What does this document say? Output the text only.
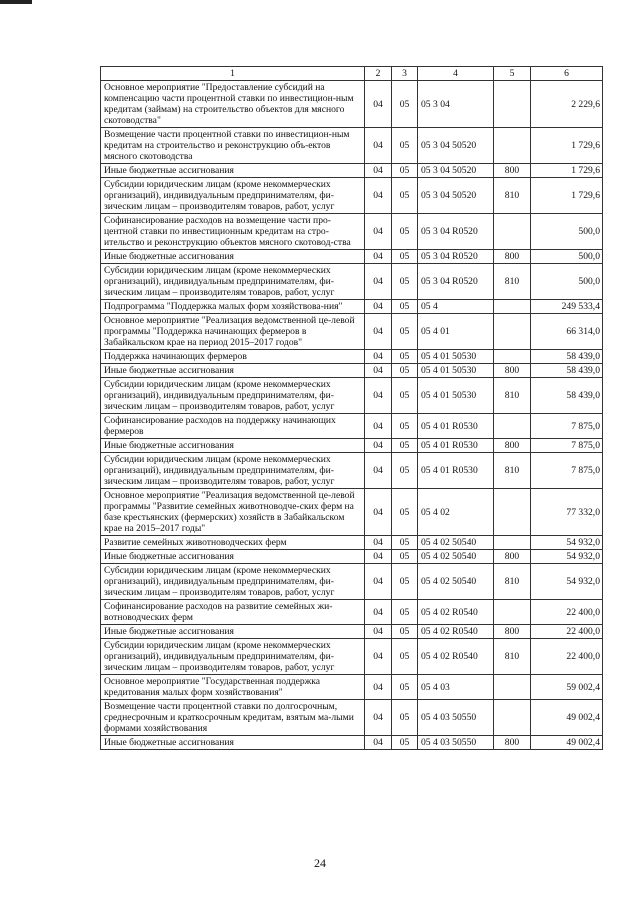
1	2	3	4	5	6
Основное мероприятие "Предоставление субсидий на компенсацию части процентной ставки по инвестицион-ным кредитам (займам) на строительство объектов для мясного скотоводства"	04	05	05 3 04		2 229,6
Возмещение части процентной ставки по инвестицион-ным кредитам на строительство и реконструкцию объ-ектов мясного скотоводства	04	05	05 3 04 50520		1 729,6
Иные бюджетные ассигнования	04	05	05 3 04 50520	800	1 729,6
Субсидии юридическим лицам (кроме некоммерческих организаций), индивидуальным предпринимателям, фи-зическим лицам – производителям товаров, работ, услуг	04	05	05 3 04 50520	810	1 729,6
Софинансирование расходов на возмещение части про-центной ставки по инвестиционным кредитам на стро-ительство и реконструкцию объектов мясного скотовод-ства	04	05	05 3 04 R0520		500,0
Иные бюджетные ассигнования	04	05	05 3 04 R0520	800	500,0
Субсидии юридическим лицам (кроме некоммерческих организаций), индивидуальным предпринимателям, фи-зическим лицам – производителям товаров, работ, услуг	04	05	05 3 04 R0520	810	500,0
Подпрограмма "Поддержка малых форм хозяйствова-ния"	04	05	05 4		249 533,4
Основное мероприятие "Реализация ведомственной це-левой программы "Поддержка начинающих фермеров в Забайкальском крае на период 2015–2017 годов"	04	05	05 4 01		66 314,0
Поддержка начинающих фермеров	04	05	05 4 01 50530		58 439,0
Иные бюджетные ассигнования	04	05	05 4 01 50530	800	58 439,0
Субсидии юридическим лицам (кроме некоммерческих организаций), индивидуальным предпринимателям, фи-зическим лицам – производителям товаров, работ, услуг	04	05	05 4 01 50530	810	58 439,0
Софинансирование расходов на поддержку начинающих фермеров	04	05	05 4 01 R0530		7 875,0
Иные бюджетные ассигнования	04	05	05 4 01 R0530	800	7 875,0
Субсидии юридическим лицам (кроме некоммерческих организаций), индивидуальным предпринимателям, фи-зическим лицам – производителям товаров, работ, услуг	04	05	05 4 01 R0530	810	7 875,0
Основное мероприятие "Реализация ведомственной це-левой программы "Развитие семейных животноводче-ских ферм на базе крестьянских (фермерских) хозяйств в Забайкальском крае на 2015–2017 годы"	04	05	05 4 02		77 332,0
Развитие семейных животноводческих ферм	04	05	05 4 02 50540		54 932,0
Иные бюджетные ассигнования	04	05	05 4 02 50540	800	54 932,0
Субсидии юридическим лицам (кроме некоммерческих организаций), индивидуальным предпринимателям, фи-зическим лицам – производителям товаров, работ, услуг	04	05	05 4 02 50540	810	54 932,0
Софинансирование расходов на развитие семейных жи-вотноводческих ферм	04	05	05 4 02 R0540		22 400,0
Иные бюджетные ассигнования	04	05	05 4 02 R0540	800	22 400,0
Субсидии юридическим лицам (кроме некоммерческих организаций), индивидуальным предпринимателям, фи-зическим лицам – производителям товаров, работ, услуг	04	05	05 4 02 R0540	810	22 400,0
Основное мероприятие "Государственная поддержка кредитования малых форм хозяйствования"	04	05	05 4 03		59 002,4
Возмещение части процентной ставки по долгосрочным, среднесрочным и краткосрочным кредитам, взятым ма-лыми формами хозяйствования	04	05	05 4 03 50550		49 002,4
Иные бюджетные ассигнования	04	05	05 4 03 50550	800	49 002,4
24
